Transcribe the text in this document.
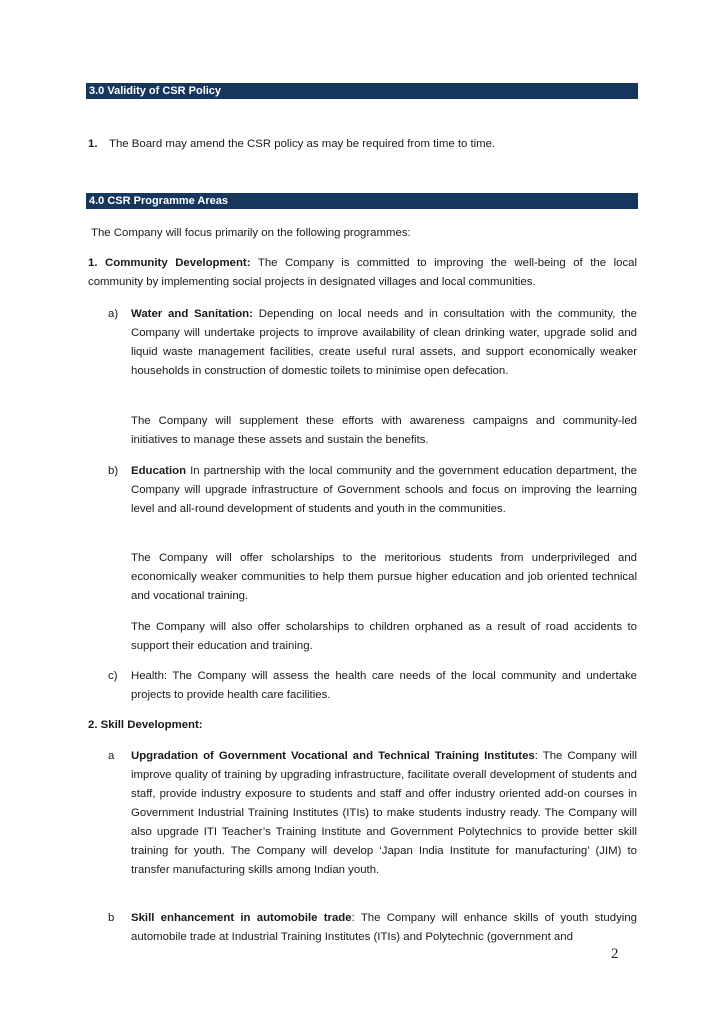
3.0 Validity of CSR Policy
1. The Board may amend the CSR policy as may be required from time to time.
4.0 CSR Programme Areas
The Company will focus primarily on the following programmes:
1. Community Development: The Company is committed to improving the well-being of the local community by implementing social projects in designated villages and local communities.
a) Water and Sanitation: Depending on local needs and in consultation with the community, the Company will undertake projects to improve availability of clean drinking water, upgrade solid and liquid waste management facilities, create useful rural assets, and support economically weaker households in construction of domestic toilets to minimise open defecation.
The Company will supplement these efforts with awareness campaigns and community-led initiatives to manage these assets and sustain the benefits.
b) Education In partnership with the local community and the government education department, the Company will upgrade infrastructure of Government schools and focus on improving the learning level and all-round development of students and youth in the communities.
The Company will offer scholarships to the meritorious students from underprivileged and economically weaker communities to help them pursue higher education and job oriented technical and vocational training.
The Company will also offer scholarships to children orphaned as a result of road accidents to support their education and training.
c) Health: The Company will assess the health care needs of the local community and undertake projects to provide health care facilities.
2. Skill Development:
a Upgradation of Government Vocational and Technical Training Institutes: The Company will improve quality of training by upgrading infrastructure, facilitate overall development of students and staff, provide industry exposure to students and staff and offer industry oriented add-on courses in Government Industrial Training Institutes (ITIs) to make students industry ready. The Company will also upgrade ITI Teacher’s Training Institute and Government Polytechnics to provide better skill training for youth. The Company will develop ‘Japan India Institute for manufacturing’ (JIM) to transfer manufacturing skills among Indian youth.
b Skill enhancement in automobile trade: The Company will enhance skills of youth studying automobile trade at Industrial Training Institutes (ITIs) and Polytechnic (government and
2
